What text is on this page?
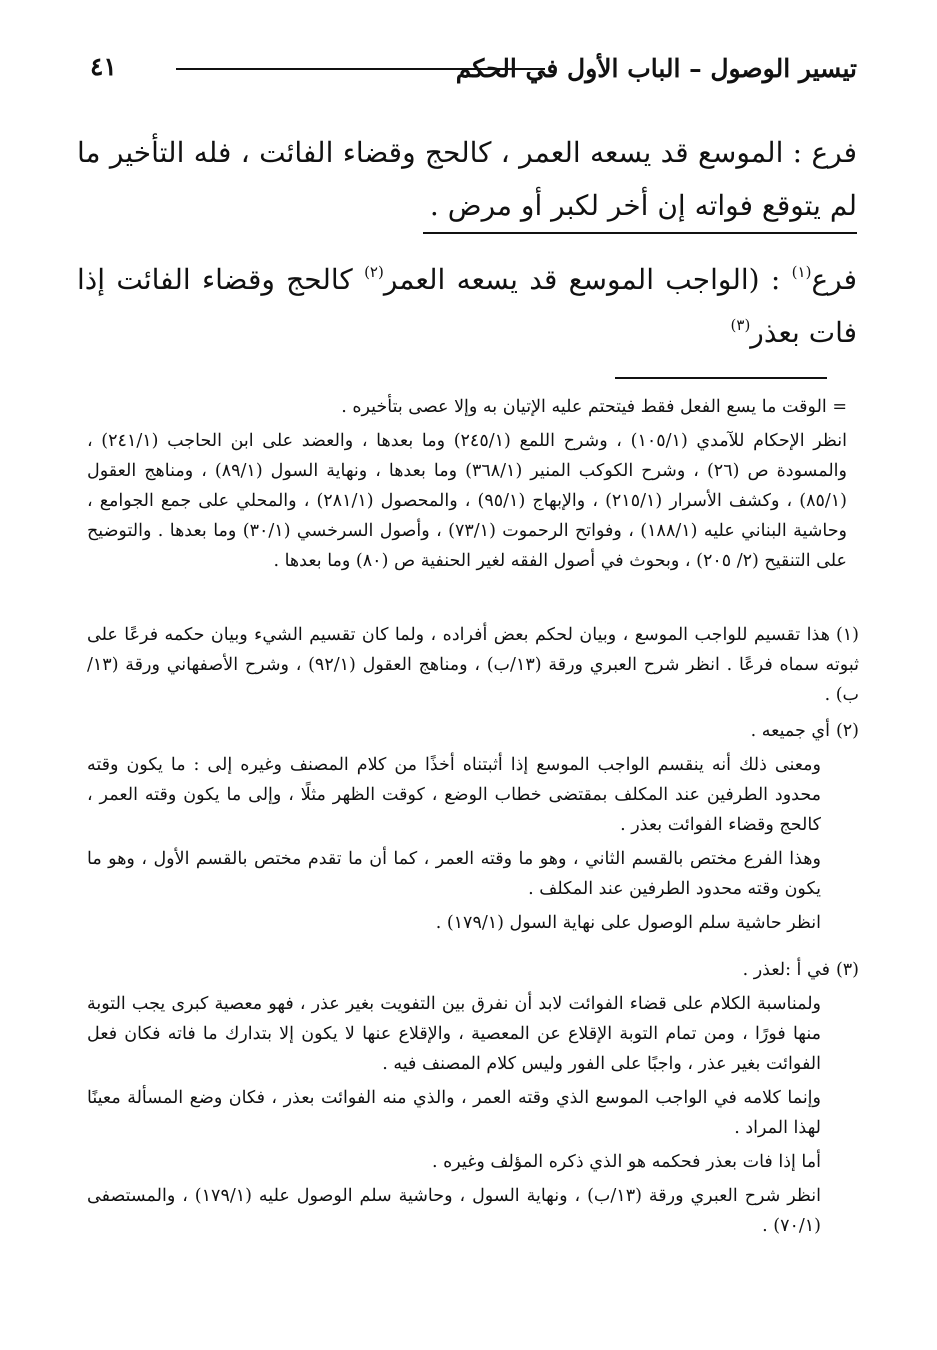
تيسير الوصول – الباب الأول في الحكم
٤١
فرع : الموسع قد يسعه العمر ، كالحج وقضاء الفائت ، فله التأخير ما لم يتوقع فواته إن أخر لكبر أو مرض .
فرع$^{(١)}$ : (الواجب الموسع قد يسعه العمر$^{(٢)}$ كالحج وقضاء الفائت إذا فات بعذر$^{(٣)}$

= الوقت ما يسع الفعل فقط فيتحتم عليه الإتيان به وإلا عصى بتأخيره .

انظر الإحكام للآمدي (١٠٥/١) ، وشرح اللمع (٢٤٥/١) وما بعدها ، والعضد على ابن الحاجب (٢٤١/١) ، والمسودة ص (٢٦) ، وشرح الكوكب المنير (٣٦٨/١) وما بعدها ، ونهاية السول (٨٩/١) ، ومناهج العقول (٨٥/١) ، وكشف الأسرار (٢١٥/١) ، والإبهاج (٩٥/١) ، والمحصول (٢٨١/١) ، والمحلي على جمع الجوامع ، وحاشية البناني عليه (١٨٨/١) ، وفواتح الرحموت (٧٣/١) ، وأصول السرخسي (٣٠/١) وما بعدها . والتوضيح على التنقيح (٢/ ٢٠٥) ، وبحوث في أصول الفقه لغير الحنفية ص (٨٠) وما بعدها .

(١)هذا تقسيم للواجب الموسع ، وبيان لحكم بعض أفراده ، ولما كان تقسيم الشيء وبيان حكمه فرعًا على ثبوته سماه فرعًا . انظر شرح العبري ورقة (١٣/ب) ، ومناهج العقول (٩٢/١) ، وشرح الأصفهاني ورقة (١٣/ب) .

(٢)أي جميعه .

ومعنى ذلك أنه ينقسم الواجب الموسع إذا أثبتناه أخذًا من كلام المصنف وغيره إلى : ما يكون وقته محدود الطرفين عند المكلف بمقتضى خطاب الوضع ، كوقت الظهر مثلًا ، وإلى ما يكون وقته العمر ، كالحج وقضاء الفوائت بعذر .

وهذا الفرع مختص بالقسم الثاني ، وهو ما وقته العمر ، كما أن ما تقدم مختص بالقسم الأول ، وهو ما يكون وقته محدود الطرفين عند المكلف .

انظر حاشية سلم الوصول على نهاية السول (١٧٩/١) .

(٣)في أ :لعذر .

ولمناسبة الكلام على قضاء الفوائت لابد أن نفرق بين التفويت بغير عذر ، فهو معصية كبرى يجب التوبة منها فورًا ، ومن تمام التوبة الإقلاع عن المعصية ، والإقلاع عنها لا يكون إلا بتدارك ما فاته فكان فعل الفوائت بغير عذر ، واجبًا على الفور وليس كلام المصنف فيه .

وإنما كلامه في الواجب الموسع الذي وقته العمر ، والذي منه الفوائت بعذر ، فكان وضع المسألة معينًا لهذا المراد .

أما إذا فات بعذر فحكمه هو الذي ذكره المؤلف وغيره .

انظر شرح العبري ورقة (١٣/ب) ، ونهاية السول ، وحاشية سلم الوصول عليه (١٧٩/١) ، والمستصفى (٧٠/١) .
